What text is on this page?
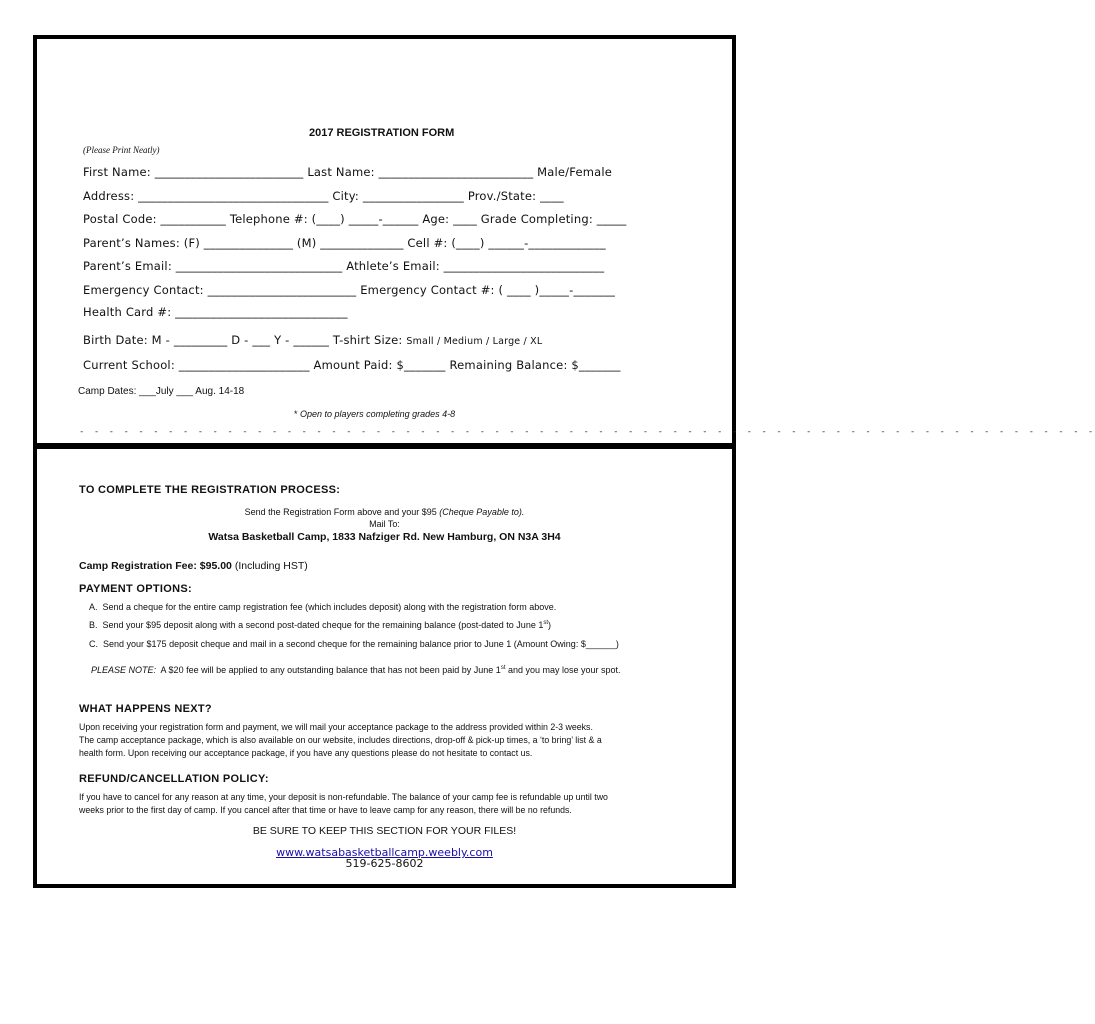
2017 REGISTRATION FORM
(Please Print Neatly)
First Name: _________________________ Last Name: __________________________ Male/Female
Address: ________________________________ City: _________________ Prov./State: ____
Postal Code: ___________ Telephone #: (____) _____-______ Age: ____ Grade Completing: _____
Parent’s Names: (F) _______________ (M) ______________ Cell #: (____) ______-_____________
Parent’s Email: ____________________________ Athlete’s Email: ___________________________
Emergency Contact: _________________________ Emergency Contact #: ( ____ )_____-_______
Health Card #: _____________________________
Birth Date: M - _________ D - ___ Y - ______ T-shirt Size: Small / Medium / Large / XL
Current School: ______________________ Amount Paid: $_______ Remaining Balance: $_______
Camp Dates: ___July ___ Aug. 14-18
* Open to players completing grades 4-8
- - - - - - - - - - - - - - - - - - - - - - - - - - - - - - - - - - - - - - - - - - - - - - - - - - - - - - - - - - - - - - - - - - - - -
TO COMPLETE THE REGISTRATION PROCESS:
Send the Registration Form above and your $95 (Cheque Payable to).
Mail To:
Watsa Basketball Camp, 1833 Nafziger Rd. New Hamburg, ON N3A 3H4
Camp Registration Fee: $95.00 (Including HST)
PAYMENT OPTIONS:
A. Send a cheque for the entire camp registration fee (which includes deposit) along with the registration form above.
B. Send your $95 deposit along with a second post-dated cheque for the remaining balance (post-dated to June 1st)
C. Send your $175 deposit cheque and mail in a second cheque for the remaining balance prior to June 1 (Amount Owing: $______)
PLEASE NOTE: A $20 fee will be applied to any outstanding balance that has not been paid by June 1st and you may lose your spot.
WHAT HAPPENS NEXT?
Upon receiving your registration form and payment, we will mail your acceptance package to the address provided within 2-3 weeks.
The camp acceptance package, which is also available on our website, includes directions, drop-off & pick-up times, a ‘to bring’ list & a
health form. Upon receiving our acceptance package, if you have any questions please do not hesitate to contact us.
REFUND/CANCELLATION POLICY:
If you have to cancel for any reason at any time, your deposit is non-refundable. The balance of your camp fee is refundable up until two
weeks prior to the first day of camp. If you cancel after that time or have to leave camp for any reason, there will be no refunds.
BE SURE TO KEEP THIS SECTION FOR YOUR FILES!
www.watsabasketballcamp.weebly.com
519-625-8602
